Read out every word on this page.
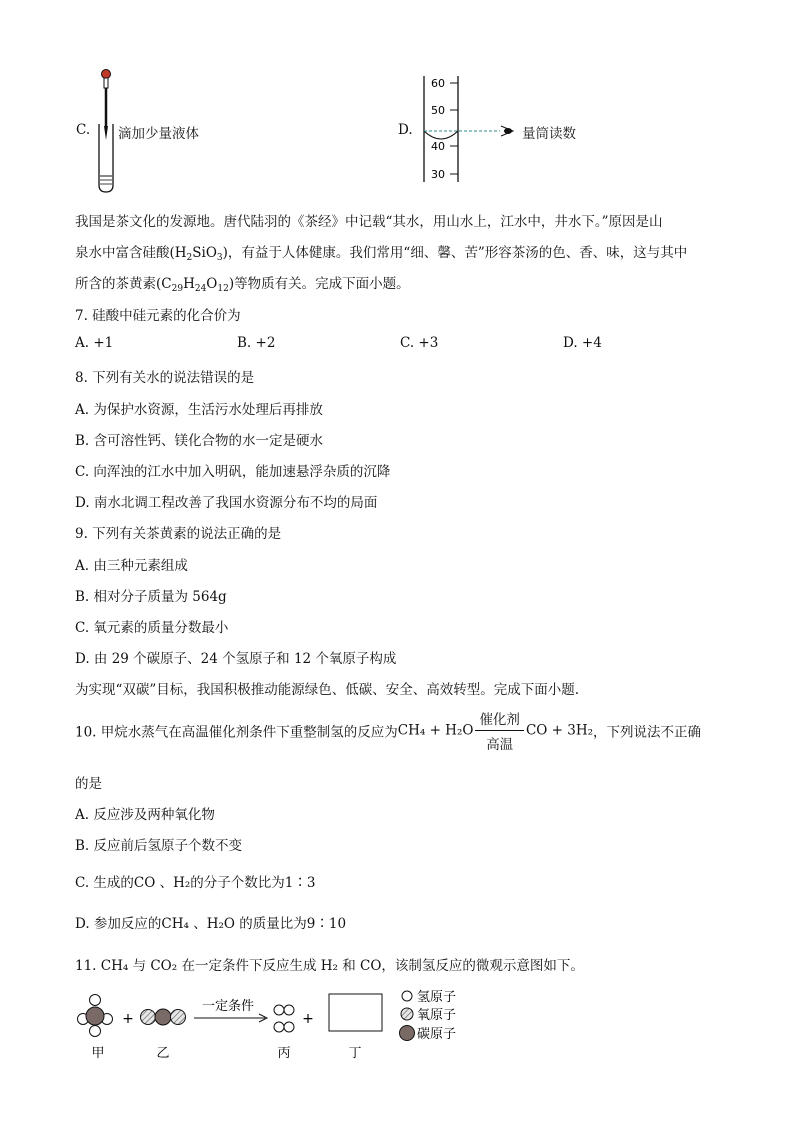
C. 滴加少量液体	D.
60
50
40
30
量筒读数
我国是茶文化的发源地。唐代陆羽的《茶经》中记载“其水，用山水上，江水中，井水下。”原因是山
泉水中富含硅酸$(H_2SiO_3)$，有益于人体健康。我们常用“细、馨、苦”形容茶汤的色、香、味，这与其中
所含的茶黄素$(C_{29}H_{24}O_{12})$等物质有关。完成下面小题。
7. 硅酸中硅元素的化合价为
A. +1	B. +2	C. +3	D. +4
8. 下列有关水的说法错误的是
A. 为保护水资源，生活污水处理后再排放
B. 含可溶性钙、镁化合物的水一定是硬水
C. 向浑浊的江水中加入明矾，能加速悬浮杂质的沉降
D. 南水北调工程改善了我国水资源分布不均的局面
9. 下列有关茶黄素的说法正确的是
A. 由三种元素组成
B. 相对分子质量为 564g
C. 氧元素的质量分数最小
D. 由 29 个碳原子、24 个氢原子和 12 个氧原子构成
为实现“双碳”目标，我国积极推动能源绿色、低碳、安全、高效转型。完成下面小题.
10. 甲烷水蒸气在高温催化剂条件下重整制氢的反应为$CH_4 + H_2O \frac{\text{催化剂}}{\text{高温}}$ CO + 3H₂，下列说法不正确
的是
A. 反应涉及两种氧化物
B. 反应前后氢原子个数不变
C. 生成的CO 、H₂的分子个数比为1∶3
D. 参加反应的CH₄ 、H₂O 的质量比为9∶10
11. CH₄ 与 CO₂ 在一定条件下反应生成 H₂ 和 CO，该制氢反应的微观示意图如下。
+
一定条件
+
氢原子
氧原子
碳原子
甲	乙	丙	丁
